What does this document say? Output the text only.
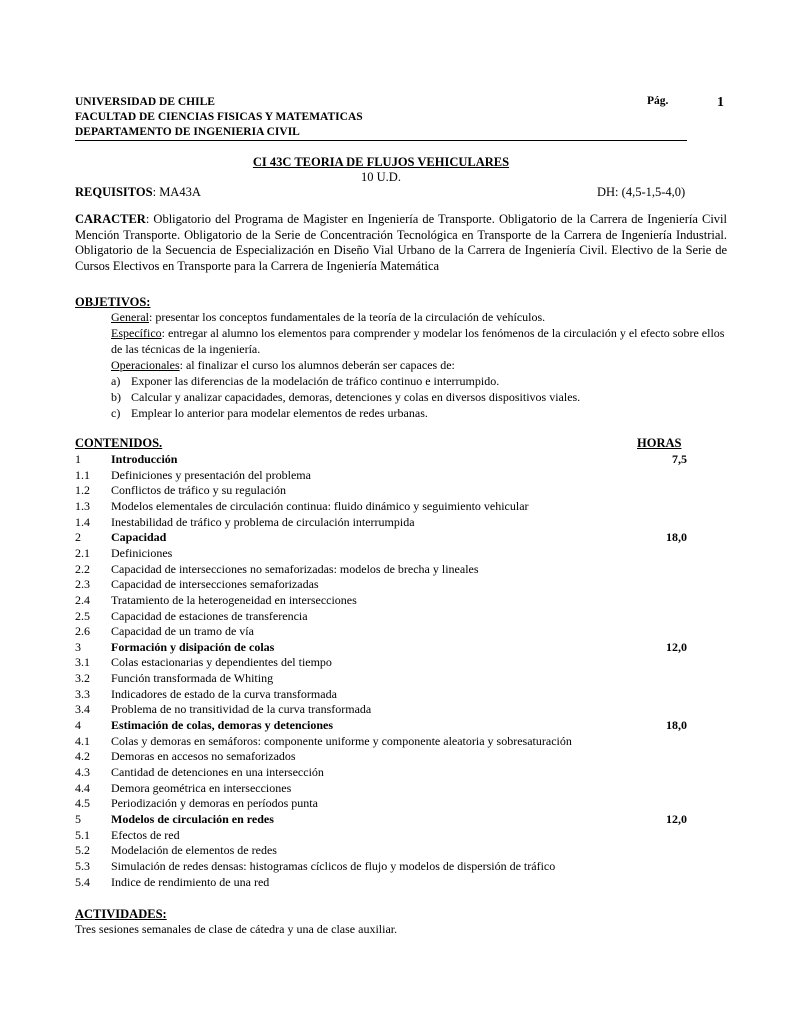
UNIVERSIDAD DE CHILE
FACULTAD DE CIENCIAS FISICAS Y MATEMATICAS
DEPARTAMENTO DE INGENIERIA CIVIL
Pág.	1
CI 43C TEORIA DE FLUJOS VEHICULARES
10 U.D.
REQUISITOS: MA43A	DH: (4,5-1,5-4,0)
CARACTER: Obligatorio del Programa de Magister en Ingeniería de Transporte. Obligatorio de la Carrera de Ingeniería Civil Mención Transporte. Obligatorio de la Serie de Concentración Tecnológica en Transporte de la Carrera de Ingeniería Industrial. Obligatorio de la Secuencia de Especialización en Diseño Vial Urbano de la Carrera de Ingeniería Civil. Electivo de la Serie de Cursos Electivos en Transporte para la Carrera de Ingeniería Matemática
OBJETIVOS:
General: presentar los conceptos fundamentales de la teoría de la circulación de vehículos.
Específico: entregar al alumno los elementos para comprender y modelar los fenómenos de la circulación y el efecto sobre ellos de las técnicas de la ingeniería.
Operacionales: al finalizar el curso los alumnos deberán ser capaces de:
a) Exponer las diferencias de la modelación de tráfico continuo e interrumpido.
b) Calcular y analizar capacidades, demoras, detenciones y colas en diversos dispositivos viales.
c) Emplear lo anterior para modelar elementos de redes urbanas.
CONTENIDOS.	HORAS
1	Introducción	7,5
1.1 Definiciones y presentación del problema
1.2 Conflictos de tráfico y su regulación
1.3 Modelos elementales de circulación continua: fluido dinámico y seguimiento vehicular
1.4 Inestabilidad de tráfico y problema de circulación interrumpida
2	Capacidad	18,0
2.1 Definiciones
2.2 Capacidad de intersecciones no semaforizadas: modelos de brecha y lineales
2.3 Capacidad de intersecciones semaforizadas
2.4 Tratamiento de la heterogeneidad en intersecciones
2.5 Capacidad de estaciones de transferencia
2.6 Capacidad de un tramo de vía
3	Formación y disipación de colas	12,0
3.1 Colas estacionarias y dependientes del tiempo
3.2 Función transformada de Whiting
3.3 Indicadores de estado de la curva transformada
3.4 Problema de no transitividad de la curva transformada
4	Estimación de colas, demoras y detenciones	18,0
4.1 Colas y demoras en semáforos: componente uniforme y componente aleatoria y sobresaturación
4.2 Demoras en accesos no semaforizados
4.3 Cantidad de detenciones en una intersección
4.4 Demora geométrica en intersecciones
4.5 Periodización y demoras en períodos punta
5	Modelos de circulación en redes	12,0
5.1 Efectos de red
5.2 Modelación de elementos de redes
5.3 Simulación de redes densas: histogramas cíclicos de flujo y modelos de dispersión de tráfico
5.4 Indice de rendimiento de una red
ACTIVIDADES:
Tres sesiones semanales de clase de cátedra y una de clase auxiliar.
